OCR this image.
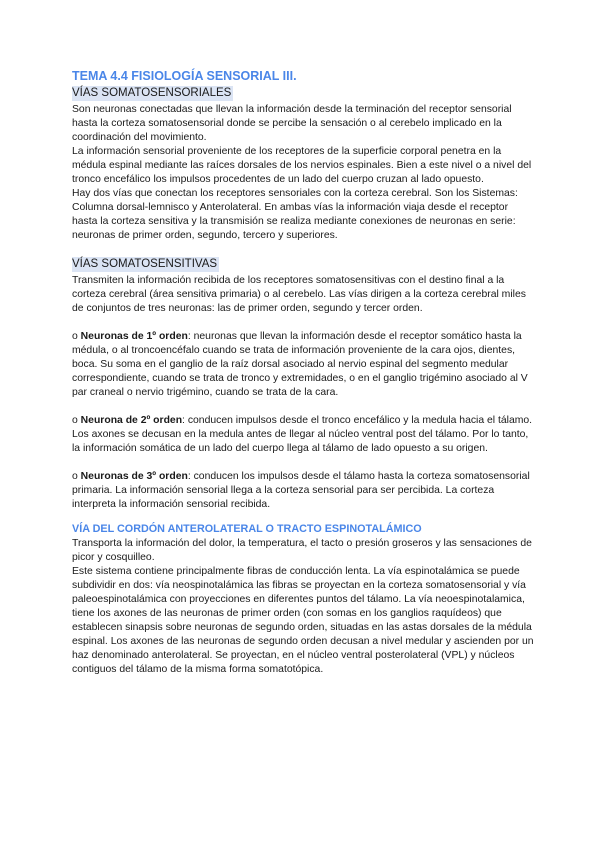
TEMA 4.4 FISIOLOGÍA SENSORIAL III.
VÍAS SOMATOSENSORIALES

Son neuronas conectadas que llevan la información desde la terminación del receptor sensorial hasta la corteza somatosensorial donde se percibe la sensación o al cerebelo implicado en la coordinación del movimiento.

La información sensorial proveniente de los receptores de la superficie corporal penetra en la médula espinal mediante las raíces dorsales de los nervios espinales. Bien a este nivel o a nivel del tronco encefálico los impulsos procedentes de un lado del cuerpo cruzan al lado opuesto.

Hay dos vías que conectan los receptores sensoriales con la corteza cerebral. Son los Sistemas: Columna dorsal-lemnisco y Anterolateral. En ambas vías la información viaja desde el receptor hasta la corteza sensitiva y la transmisión se realiza mediante conexiones de neuronas en serie: neuronas de primer orden, segundo, tercero y superiores.

VÍAS SOMATOSENSITIVAS

Transmiten la información recibida de los receptores somatosensitivas con el destino final a la corteza cerebral (área sensitiva primaria) o al cerebelo. Las vías dirigen a la corteza cerebral miles de conjuntos de tres neuronas: las de primer orden, segundo y tercer orden.

o Neuronas de 1º orden: neuronas que llevan la información desde el receptor somático hasta la médula, o al troncoencéfalo cuando se trata de información proveniente de la cara ojos, dientes, boca. Su soma en el ganglio de la raíz dorsal asociado al nervio espinal del segmento medular correspondiente, cuando se trata de tronco y extremidades, o en el ganglio trigémino asociado al V par craneal o nervio trigémino, cuando se trata de la cara.

o Neurona de 2º orden: conducen impulsos desde el tronco encefálico y la medula hacia el tálamo. Los axones se decusan en la medula antes de llegar al núcleo ventral post del tálamo. Por lo tanto, la información somática de un lado del cuerpo llega al tálamo de lado opuesto a su origen.

o Neuronas de 3º orden: conducen los impulsos desde el tálamo hasta la corteza somatosensorial primaria. La información sensorial llega a la corteza sensorial para ser percibida. La corteza interpreta la información sensorial recibida.

VÍA DEL CORDÓN ANTEROLATERAL O TRACTO ESPINOTALÁMICO

Transporta la información del dolor, la temperatura, el tacto o presión groseros y las sensaciones de picor y cosquilleo.

Este sistema contiene principalmente fibras de conducción lenta. La vía espinotalámica se puede subdividir en dos: vía neospinotalámica las fibras se proyectan en la corteza somatosensorial y vía paleoespinotalámica con proyecciones en diferentes puntos del tálamo. La vía neoespinotalamica, tiene los axones de las neuronas de primer orden (con somas en los ganglios raquídeos) que establecen sinapsis sobre neuronas de segundo orden, situadas en las astas dorsales de la médula espinal. Los axones de las neuronas de segundo orden decusan a nivel medular y ascienden por un haz denominado anterolateral. Se proyectan, en el núcleo ventral posterolateral (VPL) y núcleos contiguos del tálamo de la misma forma somatotópica.
